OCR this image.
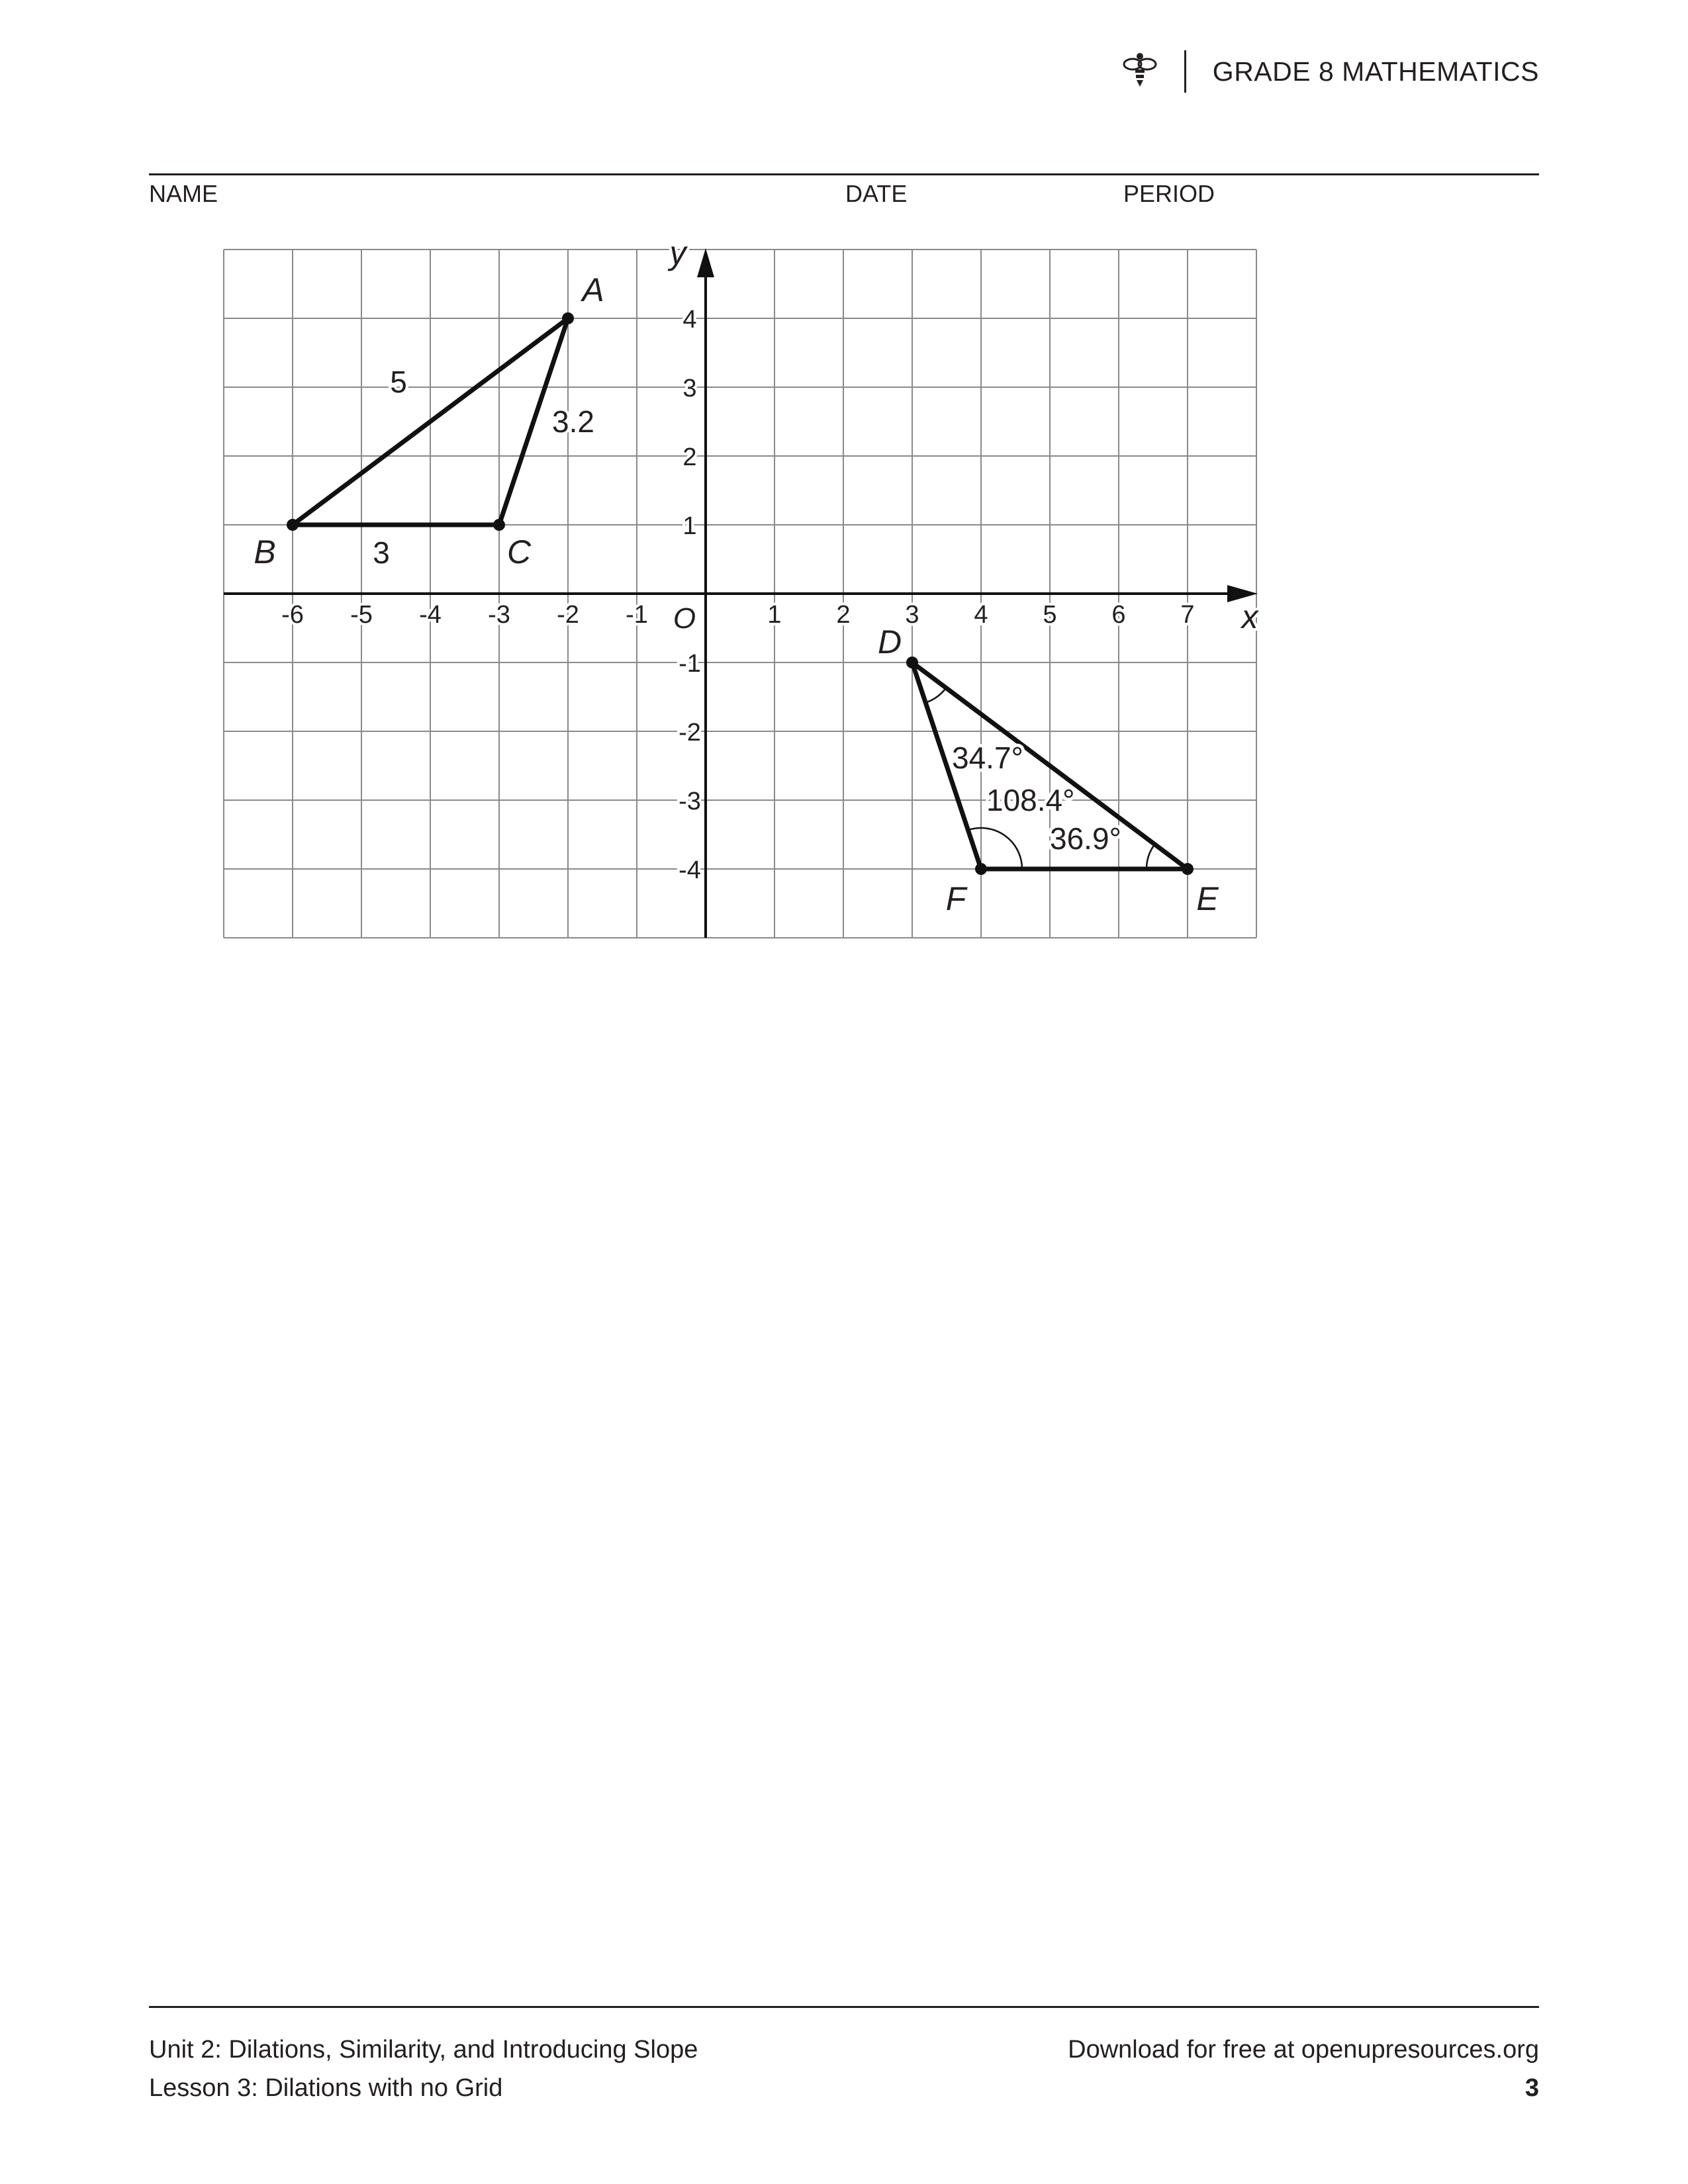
GRADE 8 MATHEMATICS
NAME	DATE	PERIOD
x
y
O
-6 -5 -4 -3 -2 -1	1 2 3 4 5 6 7
4
3
2
1
-1
-2
-3
-4
A
B	C
5
3.2
3
D
E
F
34.7°
108.4°
36.9°
Unit 2: Dilations, Similarity, and Introducing Slope
Lesson 3: Dilations with no Grid
Download for free at openupresources.org
3
